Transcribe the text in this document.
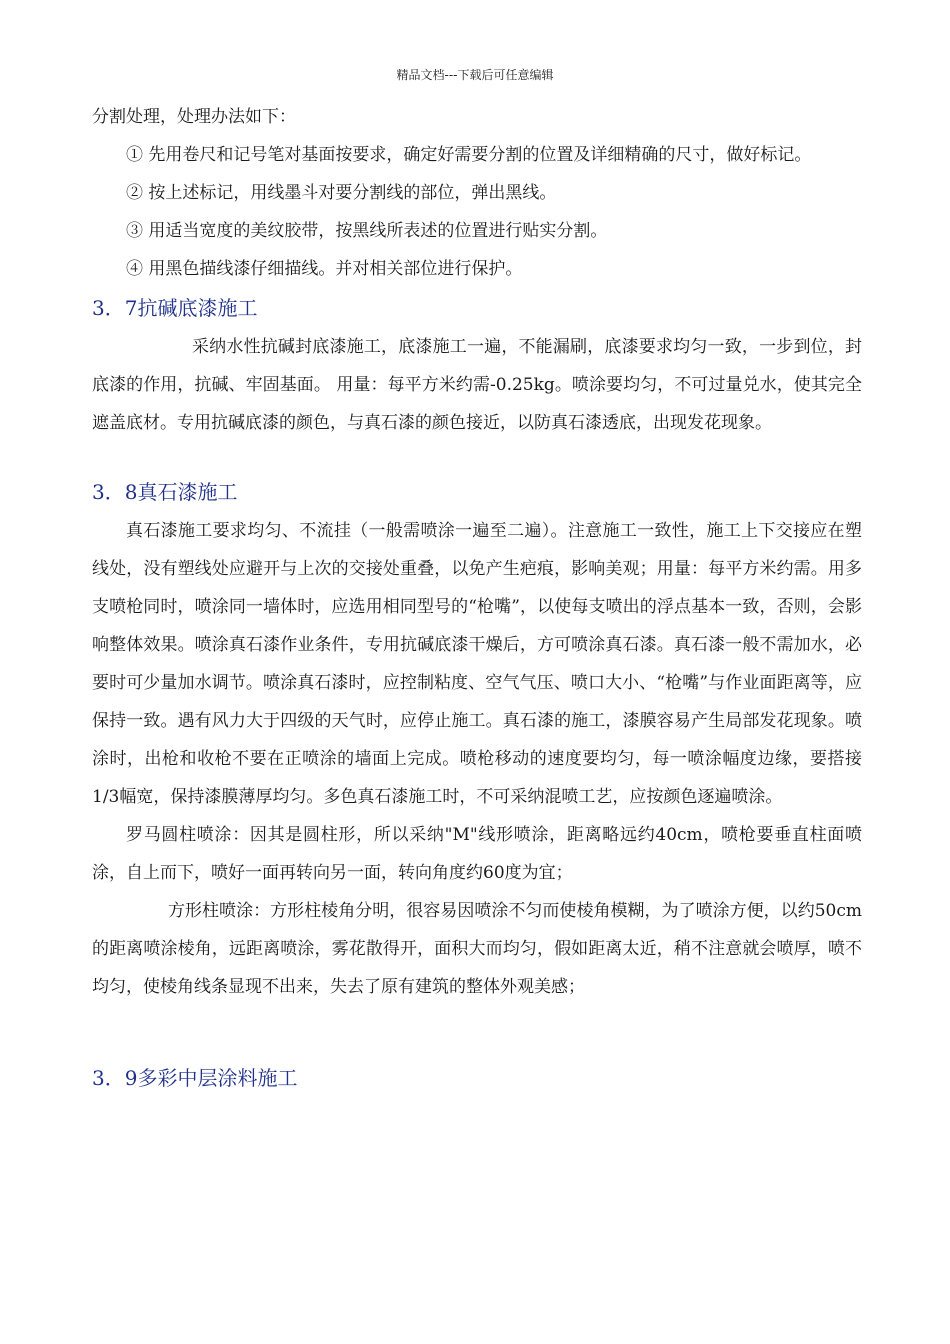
精品文档---下载后可任意编辑

分割处理，处理办法如下：

① 先用卷尺和记号笔对基面按要求，确定好需要分割的位置及详细精确的尺寸，做好标记。

② 按上述标记，用线墨斗对要分割线的部位，弹出黑线。

③ 用适当宽度的美纹胶带，按黑线所表述的位置进行贴实分割。

④ 用黑色描线漆仔细描线。并对相关部位进行保护。

3．7抗碱底漆施工

采纳水性抗碱封底漆施工，底漆施工一遍，不能漏刷，底漆要求均匀一致，一步到位，封底漆的作用，抗碱、牢固基面。 用量：每平方米约需-0.25kg。喷涂要均匀，不可过量兑水，使其完全遮盖底材。专用抗碱底漆的颜色，与真石漆的颜色接近，以防真石漆透底，出现发花现象。

3．8真石漆施工

真石漆施工要求均匀、不流挂（一般需喷涂一遍至二遍）。注意施工一致性，施工上下交接应在塑线处，没有塑线处应避开与上次的交接处重叠，以免产生疤痕，影响美观；用量：每平方米约需。用多支喷枪同时，喷涂同一墙体时，应选用相同型号的“枪嘴”，以使每支喷出的浮点基本一致，否则，会影响整体效果。喷涂真石漆作业条件，专用抗碱底漆干燥后，方可喷涂真石漆。真石漆一般不需加水，必要时可少量加水调节。喷涂真石漆时，应控制粘度、空气气压、喷口大小、“枪嘴”与作业面距离等，应保持一致。遇有风力大于四级的天气时，应停止施工。真石漆的施工，漆膜容易产生局部发花现象。喷涂时，出枪和收枪不要在正喷涂的墙面上完成。喷枪移动的速度要均匀，每一喷涂幅度边缘，要搭接1/3幅宽，保持漆膜薄厚均匀。多色真石漆施工时，不可采纳混喷工艺，应按颜色逐遍喷涂。

罗马圆柱喷涂：因其是圆柱形，所以采纳"M"线形喷涂，距离略远约40cm，喷枪要垂直柱面喷涂，自上而下，喷好一面再转向另一面，转向角度约60度为宜；

方形柱喷涂：方形柱棱角分明，很容易因喷涂不匀而使棱角模糊，为了喷涂方便，以约50cm的距离喷涂棱角，远距离喷涂，雾花散得开，面积大而均匀，假如距离太近，稍不注意就会喷厚，喷不均匀，使棱角线条显现不出来，失去了原有建筑的整体外观美感；

3．9多彩中层涂料施工
